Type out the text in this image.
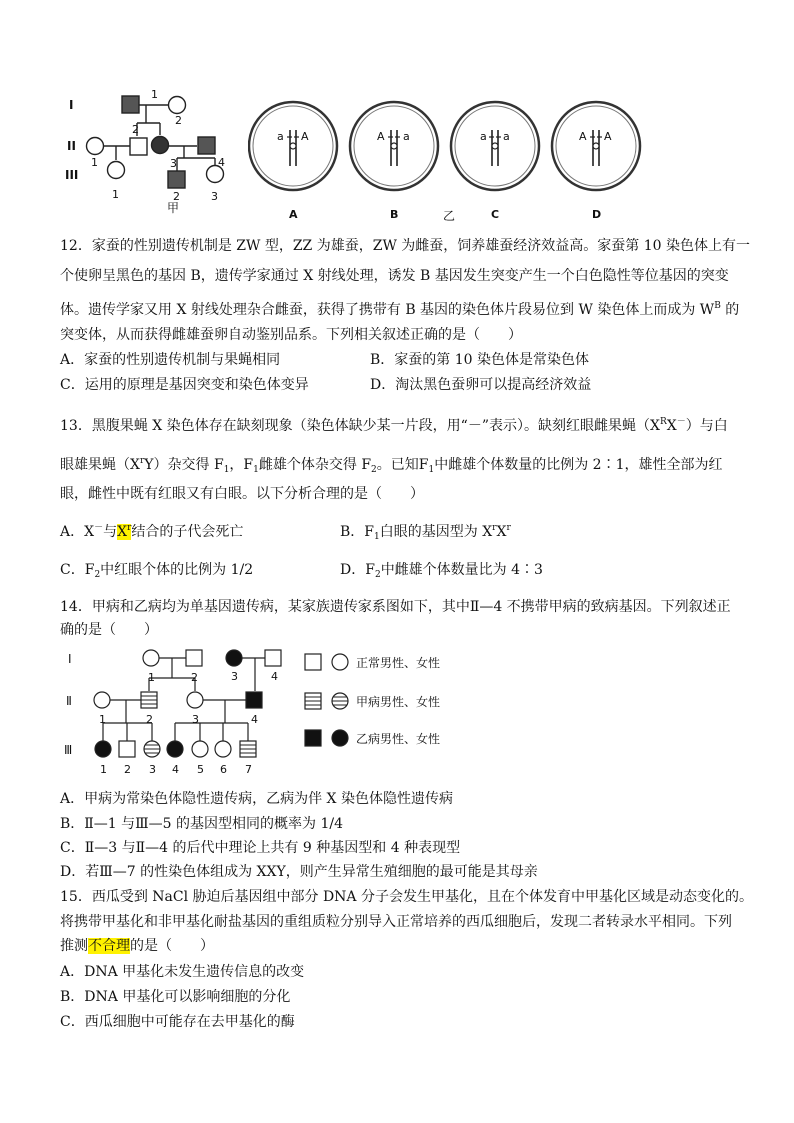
I
II
III
1
2
1
2
3	4
1	2	3
甲
a A
A
A a
B
a a
C
A A
D
乙
12．家蚕的性别遗传机制是 ZW 型，ZZ 为雄蚕，ZW 为雌蚕，饲养雄蚕经济效益高。家蚕第 10 染色体上有一
个使卵呈黑色的基因 B，遗传学家通过 X 射线处理，诱发 B 基因发生突变产生一个白色隐性等位基因的突变
体。遗传学家又用 X 射线处理杂合雌蚕，获得了携带有 B 基因的染色体片段易位到 W 染色体上而成为 $W^B$ 的
突变体，从而获得雌雄蚕卵自动鉴别品系。下列相关叙述正确的是（　　）
A．家蚕的性别遗传机制与果蝇相同	B．家蚕的第 10 染色体是常染色体
C．运用的原理是基因突变和染色体变异	D．淘汰黑色蚕卵可以提高经济效益
13．黑腹果蝇 X 染色体存在缺刻现象（染色体缺少某一片段，用“－”表示）。缺刻红眼雌果蝇$(X^RX^-)$与白
眼雄果蝇$(X^rY)$杂交得 $F_1$，$F_1$雌雄个体杂交得 $F_2$。已知$F_1$中雌雄个体数量的比例为 2∶1，雄性全部为红
眼，雌性中既有红眼又有白眼。以下分析合理的是（　　）
A．X－与$X^r$结合的子代会死亡	B．$F_1$白眼的基因型为 $X^rX^r$
C．$F_2$中红眼个体的比例为 1/2	D．$F_2$中雌雄个体数量比为 4∶3
14．甲病和乙病均为单基因遗传病，某家族遗传家系图如下，其中Ⅱ—4 不携带甲病的致病基因。下列叙述正
确的是（　　）
Ⅰ
Ⅱ
Ⅲ
1	2	3	4
1	2	3	4
1 2 3 4 5 6 7
正常男性、女性
甲病男性、女性
乙病男性、女性
A．甲病为常染色体隐性遗传病，乙病为伴 X 染色体隐性遗传病
B．Ⅱ—1 与Ⅲ—5 的基因型相同的概率为 1/4
C．Ⅱ—3 与Ⅱ—4 的后代中理论上共有 9 种基因型和 4 种表现型
D．若Ⅲ—7 的性染色体组成为 XXY，则产生异常生殖细胞的最可能是其母亲
15．西瓜受到 NaCl 胁迫后基因组中部分 DNA 分子会发生甲基化，且在个体发育中甲基化区域是动态变化的。
将携带甲基化和非甲基化耐盐基因的重组质粒分别导入正常培养的西瓜细胞后，发现二者转录水平相同。下列
推测不合理的是（　　）
A．DNA 甲基化未发生遗传信息的改变
B．DNA 甲基化可以影响细胞的分化
C．西瓜细胞中可能存在去甲基化的酶
